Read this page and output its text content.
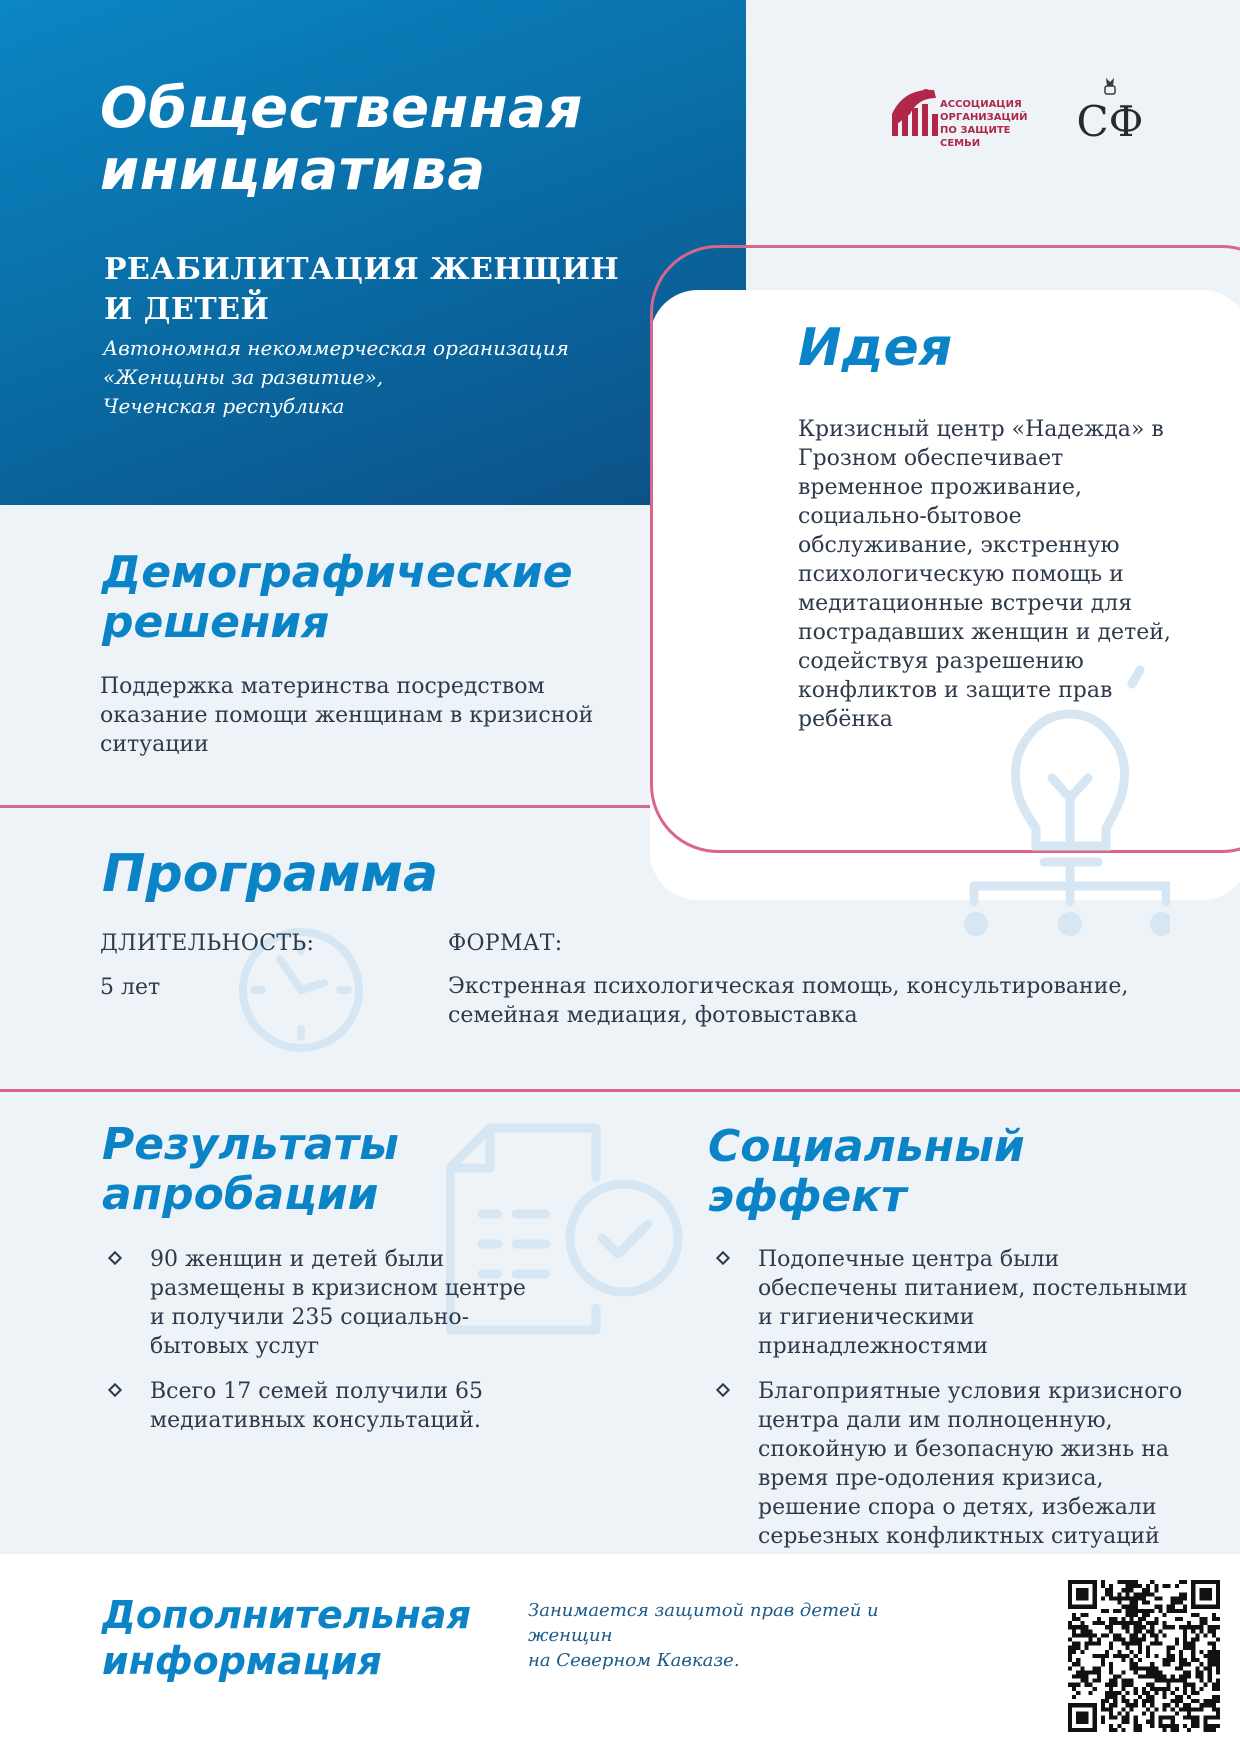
Общественная
инициатива
РЕАБИЛИТАЦИЯ ЖЕНЩИН
И ДЕТЕЙ
Автономная некоммерческая организация
«Женщины за развитие»,
Чеченская республика
АССОЦИАЦИЯ
ОРГАНИЗАЦИЙ
ПО ЗАЩИТЕ СЕМЬИ	СФ
Идея
Кризисный центр «Надежда» в Грозном обеспечивает временное проживание, социально-бытовое обслуживание, экстренную психологическую помощь и медитационные встречи для пострадавших женщин и детей, содействуя разрешению конфликтов и защите прав ребёнка
Демографические
решения
Поддержка материнства посредством оказание помощи женщинам в кризисной ситуации
Программа
ДЛИТЕЛЬНОСТЬ:
5 лет
ФОРМАТ:
Экстренная психологическая помощь, консультирование, семейная медиация, фотовыставка
Результаты
апробации
90 женщин и детей были размещены в кризисном центре и получили 235 социально-бытовых услуг
Всего 17 семей получили 65 медиативных консультаций.
Социальный
эффект
Подопечные центра были обеспечены питанием, постельными и гигиеническими принадлежностями
Благоприятные условия кризисного центра дали им полноценную, спокойную и безопасную жизнь на время пре-одоления кризиса, решение спора о детях, избежали серьезных конфликтных ситуаций
Дополнительная
информация
Занимается защитой прав детей и женщин
на Северном Кавказе.
